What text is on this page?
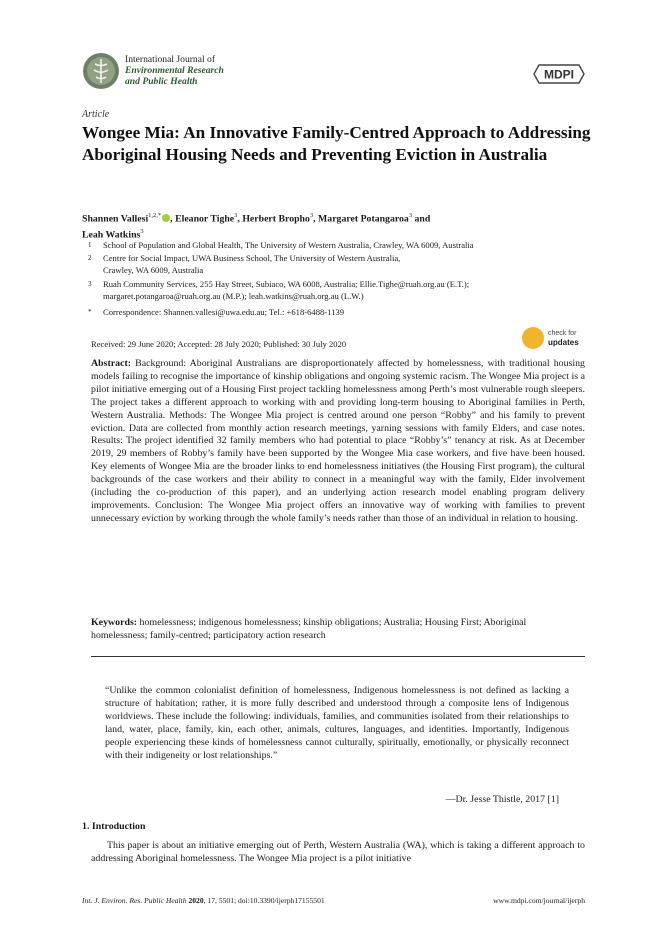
International Journal of
Environmental Research
and Public Health	MDPI
Article
Wongee Mia: An Innovative Family-Centred Approach to Addressing Aboriginal Housing Needs and Preventing Eviction in Australia
Shannen Vallesi$^{1,2,*}$ , Eleanor Tighe$^3$, Herbert Bropho$^3$, Margaret Potangaroa$^3$ and
Leah Watkins$^3$
1 School of Population and Global Health, The University of Western Australia, Crawley, WA 6009, Australia
2 Centre for Social Impact, UWA Business School, The University of Western Australia,
Crawley, WA 6009, Australia
3 Ruah Community Services, 255 Hay Street, Subiaco, WA 6008, Australia; Ellie.Tighe@ruah.org.au (E.T.);
margaret.potangaroa@ruah.org.au (M.P.); leah.watkins@ruah.org.au (L.W.)
* Correspondence: Shannen.vallesi@uwa.edu.au; Tel.: +618-6488-1139
Received: 29 June 2020; Accepted: 28 July 2020; Published: 30 July 2020
check for
updates
Abstract: Background: Aboriginal Australians are disproportionately affected by homelessness, with traditional housing models failing to recognise the importance of kinship obligations and ongoing systemic racism. The Wongee Mia project is a pilot initiative emerging out of a Housing First project tackling homelessness among Perth’s most vulnerable rough sleepers. The project takes a different approach to working with and providing long-term housing to Aboriginal families in Perth, Western Australia. Methods: The Wongee Mia project is centred around one person “Robby” and his family to prevent eviction. Data are collected from monthly action research meetings, yarning sessions with family Elders, and case notes. Results: The project identified 32 family members who had potential to place “Robby’s” tenancy at risk. As at December 2019, 29 members of Robby’s family have been supported by the Wongee Mia case workers, and five have been housed. Key elements of Wongee Mia are the broader links to end homelessness initiatives (the Housing First program), the cultural backgrounds of the case workers and their ability to connect in a meaningful way with the family, Elder involvement (including the co-production of this paper), and an underlying action research model enabling program delivery improvements. Conclusion: The Wongee Mia project offers an innovative way of working with families to prevent unnecessary eviction by working through the whole family’s needs rather than those of an individual in relation to housing.
Keywords: homelessness; indigenous homelessness; kinship obligations; Australia; Housing First; Aboriginal homelessness; family-centred; participatory action research
“Unlike the common colonialist definition of homelessness, Indigenous homelessness is not defined as lacking a structure of habitation; rather, it is more fully described and understood through a composite lens of Indigenous worldviews. These include the following: individuals, families, and communities isolated from their relationships to land, water, place, family, kin, each other, animals, cultures, languages, and identities. Importantly, Indigenous people experiencing these kinds of homelessness cannot culturally, spiritually, emotionally, or physically reconnect with their indigeneity or lost relationships.”
—Dr. Jesse Thistle, 2017 [1]
1. Introduction
This paper is about an initiative emerging out of Perth, Western Australia (WA), which is taking a different approach to addressing Aboriginal homelessness. The Wongee Mia project is a pilot initiative
Int. J. Environ. Res. Public Health 2020, 17, 5501; doi:10.3390/ijerph17155501	www.mdpi.com/journal/ijerph
